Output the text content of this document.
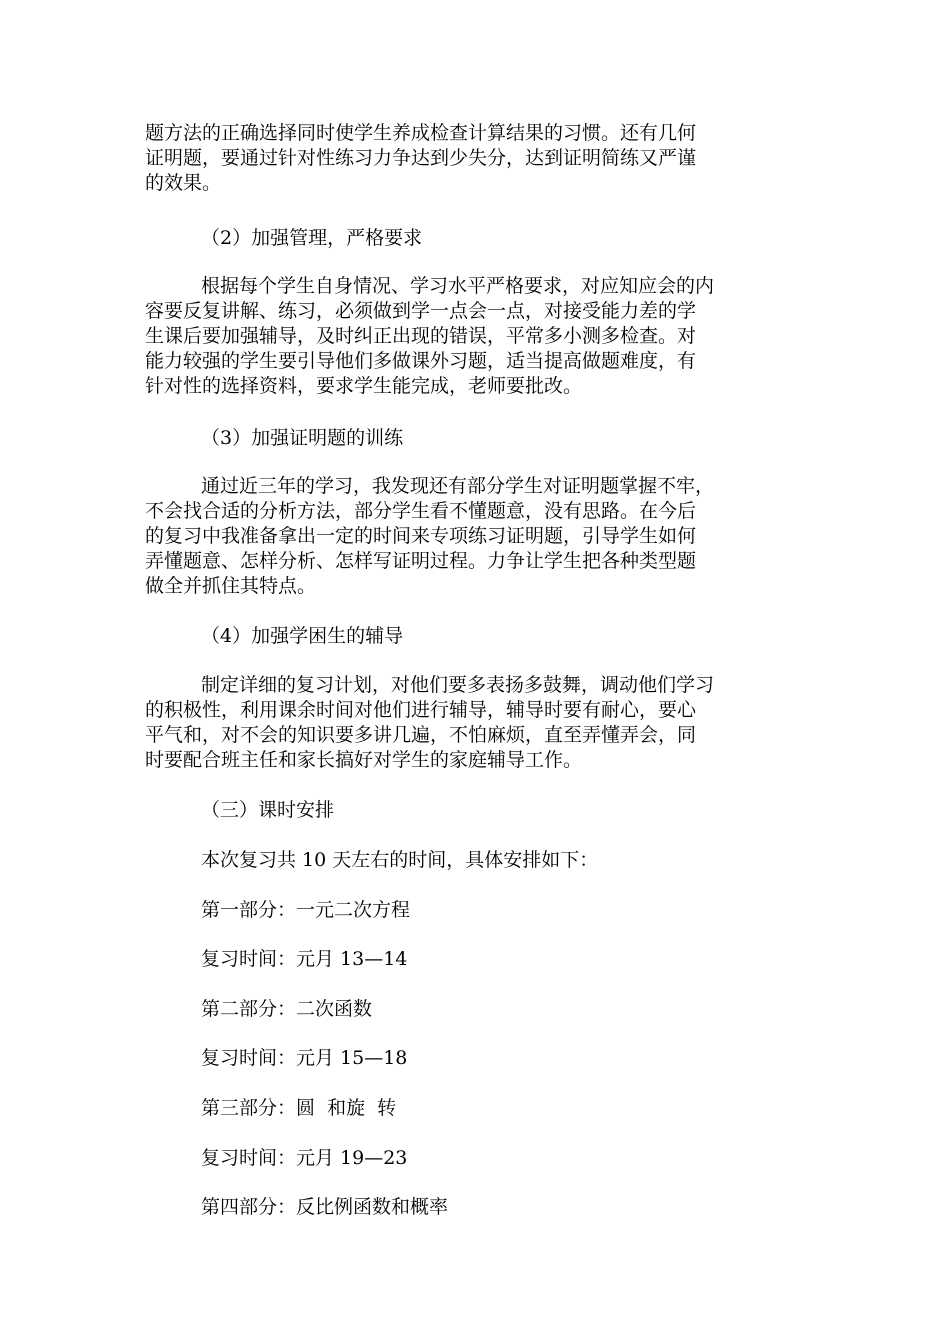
题方法的正确选择同时使学生养成检查计算结果的习惯。还有几何
证明题，要通过针对性练习力争达到少失分，达到证明简练又严谨
的效果。

（2）加强管理，严格要求

根据每个学生自身情况、学习水平严格要求，对应知应会的内
容要反复讲解、练习，必须做到学一点会一点，对接受能力差的学
生课后要加强辅导，及时纠正出现的错误，平常多小测多检查。对
能力较强的学生要引导他们多做课外习题，适当提高做题难度，有
针对性的选择资料，要求学生能完成，老师要批改。

（3）加强证明题的训练

通过近三年的学习，我发现还有部分学生对证明题掌握不牢，
不会找合适的分析方法，部分学生看不懂题意，没有思路。在今后
的复习中我准备拿出一定的时间来专项练习证明题，引导学生如何
弄懂题意、怎样分析、怎样写证明过程。力争让学生把各种类型题
做全并抓住其特点。

（4）加强学困生的辅导

制定详细的复习计划，对他们要多表扬多鼓舞，调动他们学习
的积极性，利用课余时间对他们进行辅导，辅导时要有耐心，要心
平气和，对不会的知识要多讲几遍，不怕麻烦，直至弄懂弄会，同
时要配合班主任和家长搞好对学生的家庭辅导工作。

（三）课时安排

本次复习共 10 天左右的时间，具体安排如下：

第一部分：一元二次方程

复习时间：元月 13—14

第二部分：二次函数

复习时间：元月 15—18

第三部分：圆  和旋  转

复习时间：元月 19—23

第四部分：反比例函数和概率
